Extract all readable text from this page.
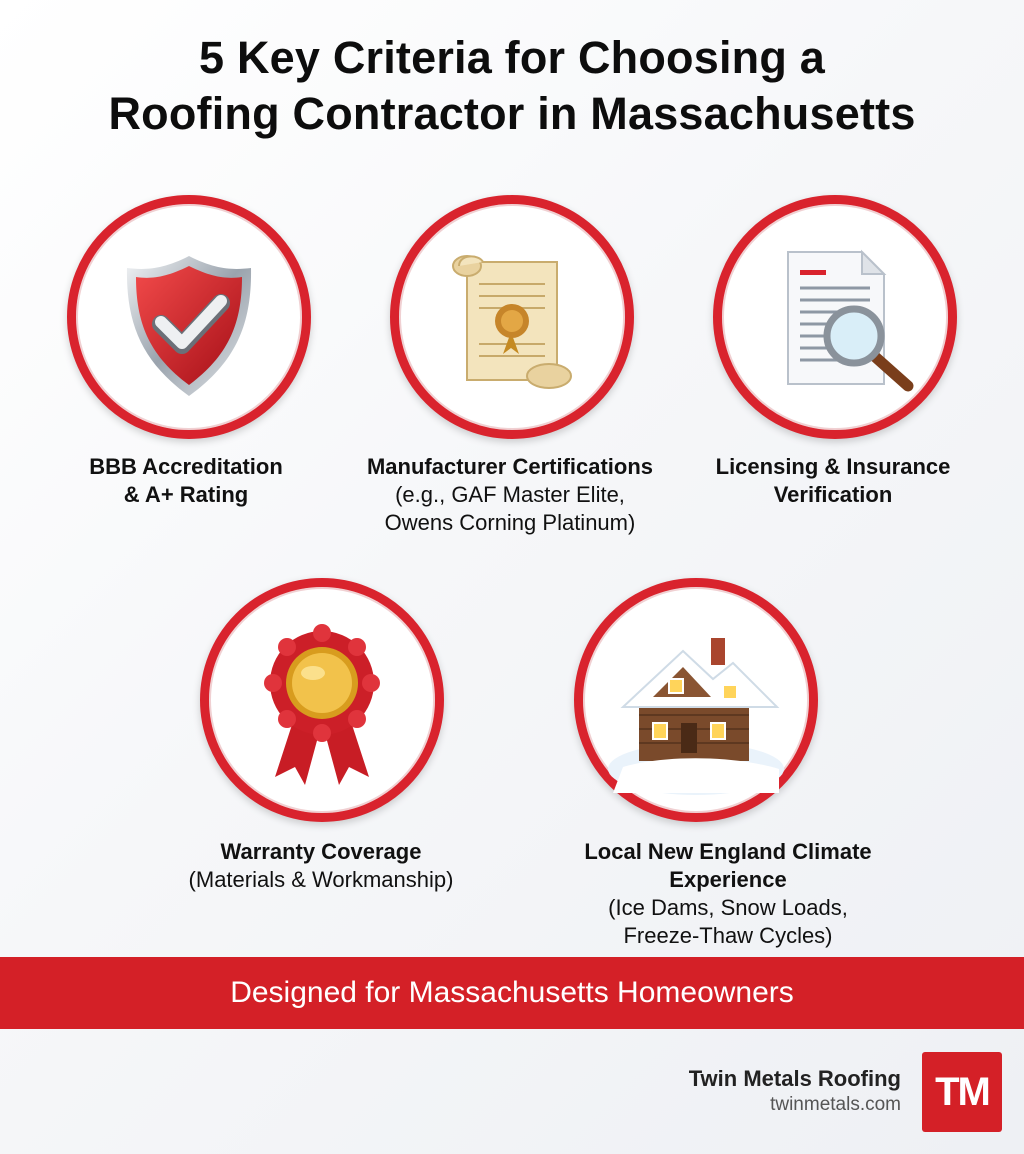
5 Key Criteria for Choosing a
Roofing Contractor in Massachusetts
BBB Accreditation
& A+ Rating
Manufacturer Certifications
(e.g., GAF Master Elite,
Owens Corning Platinum)
Licensing & Insurance
Verification
Warranty Coverage
(Materials & Workmanship)
Local New England Climate Experience
(Ice Dams, Snow Loads,
Freeze-Thaw Cycles)
Designed for Massachusetts Homeowners
Twin Metals Roofing
twinmetals.com TM
